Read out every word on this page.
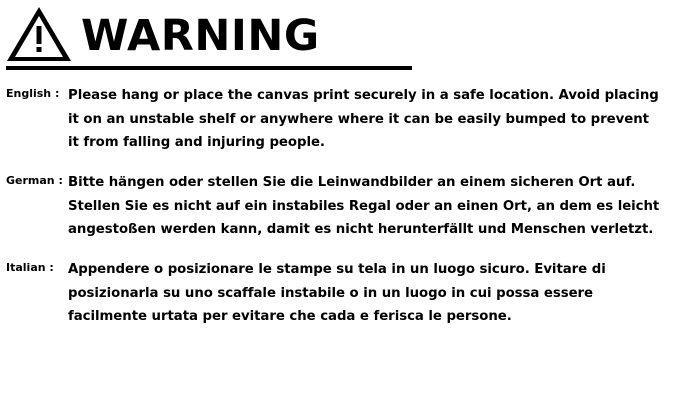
WARNING
English : Please hang or place the canvas print securely in a safe location. Avoid placing it on an unstable shelf or anywhere where it can be easily bumped to prevent it from falling and injuring people.
German : Bitte hängen oder stellen Sie die Leinwandbilder an einem sicheren Ort auf. Stellen Sie es nicht auf ein instabiles Regal oder an einen Ort, an dem es leicht angestoßen werden kann, damit es nicht herunterfällt und Menschen verletzt.
Italian :	Appendere o posizionare le stampe su tela in un luogo sicuro. Evitare di posizionarla su uno scaffale instabile o in un luogo in cui possa essere facilmente urtata per evitare che cada e ferisca le persone.
